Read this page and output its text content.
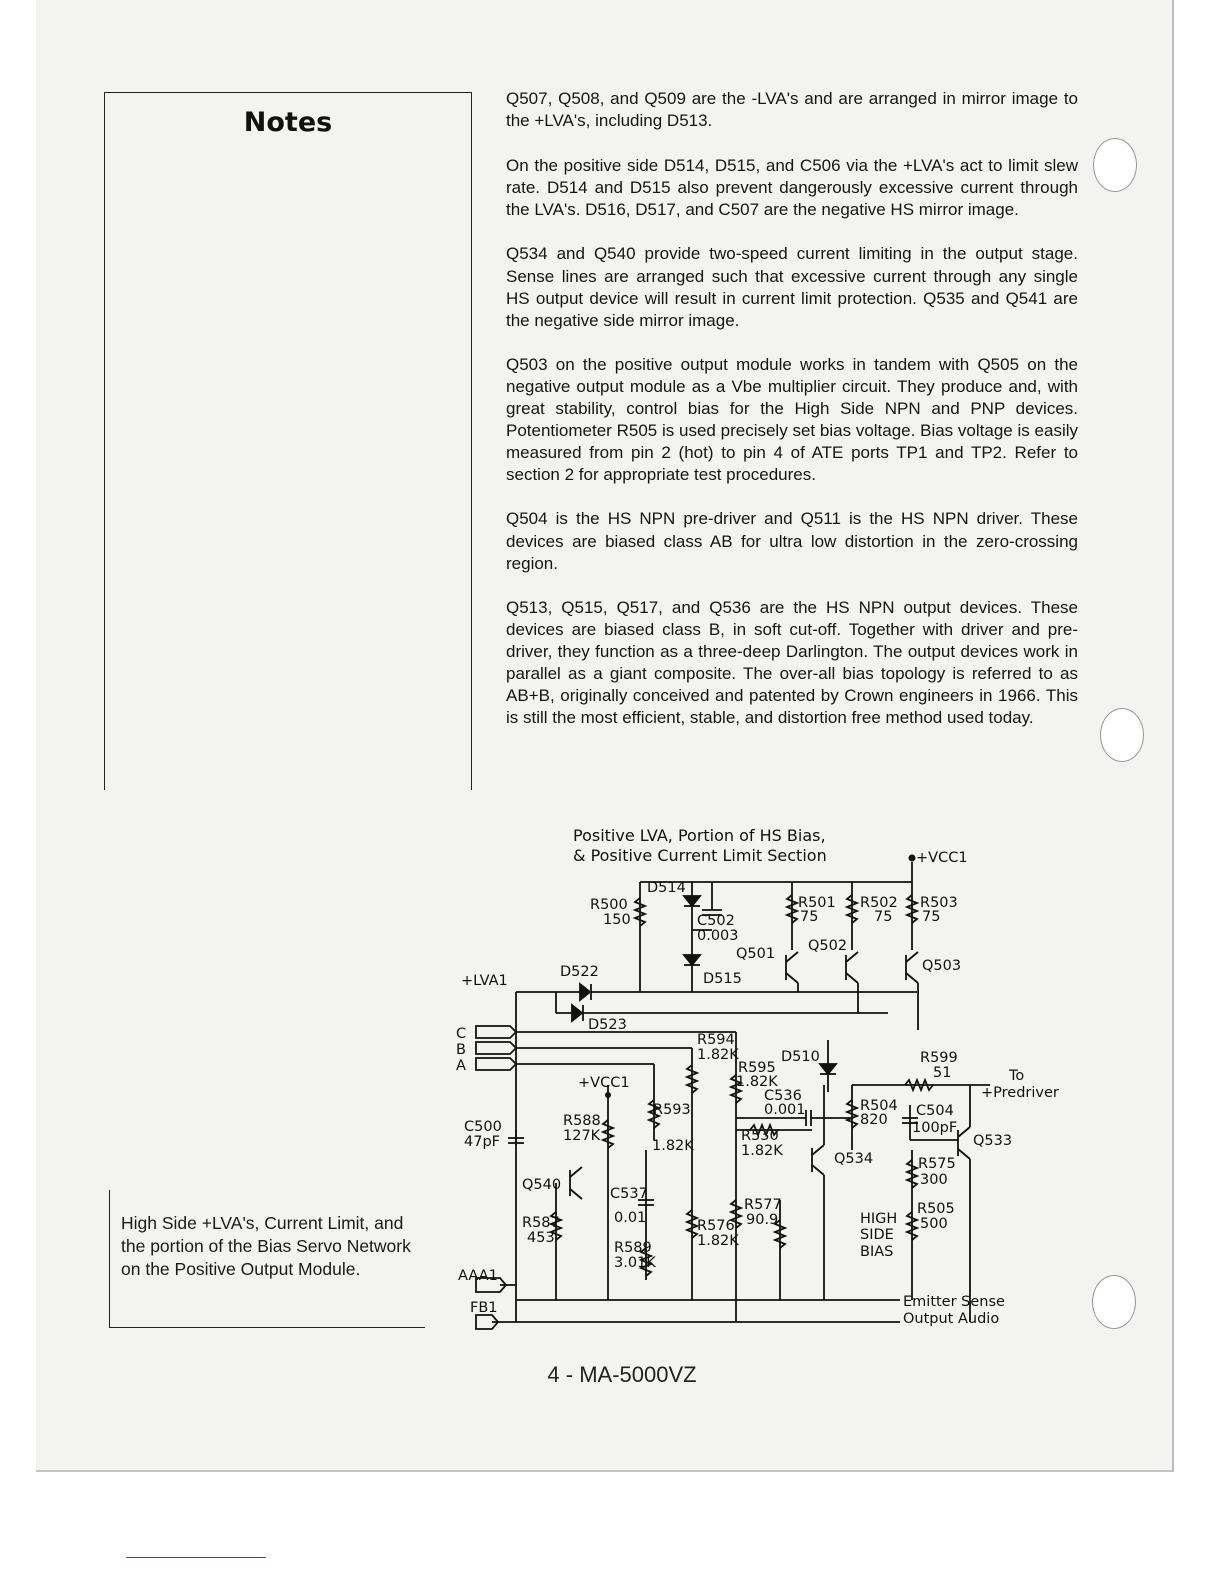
Notes
High Side +LVA's, Current Limit, and the portion of the Bias Servo Network on the Positive Output Module.

Q507, Q508, and Q509 are the -LVA's and are arranged in mirror image to the +LVA's, including D513.

On the positive side D514, D515, and C506 via the +LVA's act to limit slew rate. D514 and D515 also prevent dangerously excessive current through the LVA's. D516, D517, and C507 are the negative HS mirror image.

Q534 and Q540 provide two-speed current limiting in the output stage. Sense lines are arranged such that excessive current through any single HS output device will result in current limit protection. Q535 and Q541 are the negative side mirror image.

Q503 on the positive output module works in tandem with Q505 on the negative output module as a Vbe multiplier circuit. They produce and, with great stability, control bias for the High Side NPN and PNP devices. Potentiometer R505 is used precisely set bias voltage. Bias voltage is easily measured from pin 2 (hot) to pin 4 of ATE ports TP1 and TP2. Refer to section 2 for appropriate test procedures.

Q504 is the HS NPN pre-driver and Q511 is the HS NPN driver. These devices are biased class AB for ultra low distortion in the zero-crossing region.

Q513, Q515, Q517, and Q536 are the HS NPN output devices. These devices are biased class B, in soft cut-off. Together with driver and pre-driver, they function as a three-deep Darlington. The output devices work in parallel as a giant composite. The over-all bias topology is referred to as AB+B, originally conceived and patented by Crown engineers in 1966. This is still the most efficient, stable, and distortion free method used today.

Positive LVA, Portion of HS Bias,
& Positive Current Limit Section	+VCC1
D514
R500
150	C502
0.003
R501
75
R502
75
R503
75
Q501 Q502
Q503
D522	D515
+LVA1
D523
C
B
A
R594
1.82K	D510	R599
51
R595
1.82K	To
+Predriver
+VCC1
C536
0.001
R593	R504
820
C504
100pF
C500
47pF
R588
127K
1.82K
R530
1.82K
Q533
Q534	R575
300
Q540
C537
0.01
R577
90.9
R505
500
R587
453
R576
1.82K
HIGH
SIDE
BIAS
R589
3.01K
AAA1
FB1	Emitter Sense
Output Audio
4 - MA-5000VZ
